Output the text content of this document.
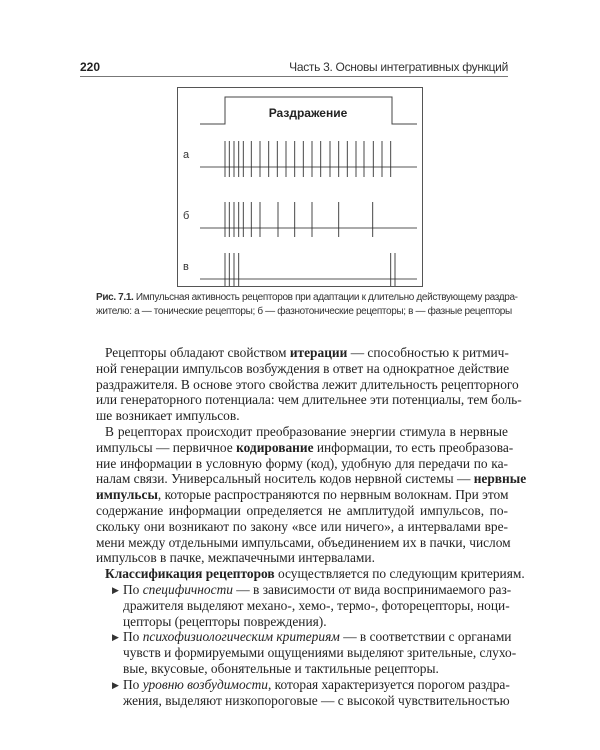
220	Часть 3. Основы интегративных функций
Раздражение
а
б
в
Рис. 7.1. Импульсная активность рецепторов при адаптации к длительно действующему раздра-
жителю: а — тонические рецепторы; б — фазнотонические рецепторы; в — фазные рецепторы
Рецепторы обладают свойством итерации — способностью к ритмич-
ной генерации импульсов возбуждения в ответ на однократное действие
раздражителя. В основе этого свойства лежит длительность рецепторного
или генераторного потенциала: чем длительнее эти потенциалы, тем боль-
ше возникает импульсов.
В рецепторах происходит преобразование энергии стимула в нервные
импульсы — первичное кодирование информации, то есть преобразова-
ние информации в условную форму (код), удобную для передачи по ка-
налам связи. Универсальный носитель кодов нервной системы — нервные
импульсы, которые распространяются по нервным волокнам. При этом
содержание информации определяется не амплитудой импульсов, по-
скольку они возникают по закону «все или ничего», а интервалами вре-
мени между отдельными импульсами, объединением их в пачки, числом
импульсов в пачке, межпачечными интервалами.
Классификация рецепторов осуществляется по следующим критериям.
По специфичности — в зависимости от вида воспринимаемого раз-
▶
дражителя выделяют механо-, хемо-, термо-, фоторецепторы, ноци-
цепторы (рецепторы повреждения).
По психофизиологическим критериям — в соответствии с органами
▶
чувств и формируемыми ощущениями выделяют зрительные, слухо-
вые, вкусовые, обонятельные и тактильные рецепторы.
По уровню возбудимости, которая характеризуется порогом раздра-
▶
жения, выделяют низкопороговые — с высокой чувствительностью
